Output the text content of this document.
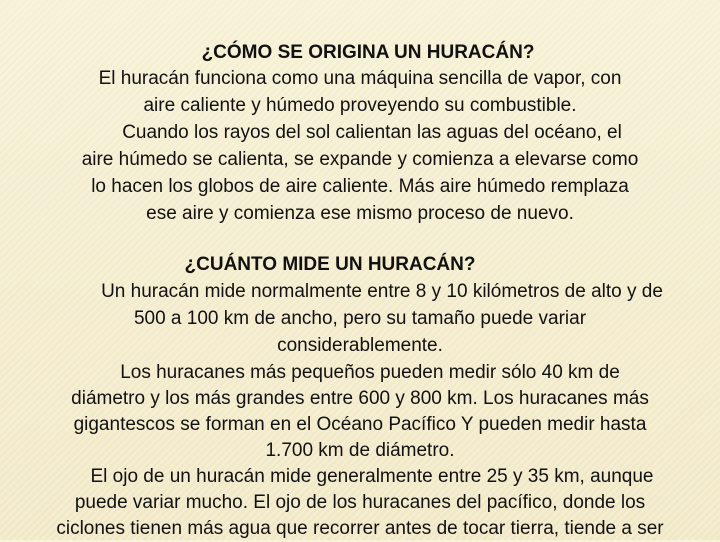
¿CÓMO SE ORIGINA UN HURACÁN?
El huracán funciona como una máquina sencilla de vapor, con
aire caliente y húmedo proveyendo su combustible.
Cuando los rayos del sol calientan las aguas del océano, el
aire húmedo se calienta, se expande y comienza a elevarse como
lo hacen los globos de aire caliente. Más aire húmedo remplaza
ese aire y comienza ese mismo proceso de nuevo.
¿CUÁNTO MIDE UN HURACÁN?
Un huracán mide normalmente entre 8 y 10 kilómetros de alto y de
500 a 100 km de ancho, pero su tamaño puede variar
considerablemente.
Los huracanes más pequeños pueden medir sólo 40 km de
diámetro y los más grandes entre 600 y 800 km. Los huracanes más
gigantescos se forman en el Océano Pacífico Y pueden medir hasta
1.700 km de diámetro.
El ojo de un huracán mide generalmente entre 25 y 35 km, aunque
puede variar mucho. El ojo de los huracanes del pacífico, donde los
ciclones tienen más agua que recorrer antes de tocar tierra, tiende a ser
